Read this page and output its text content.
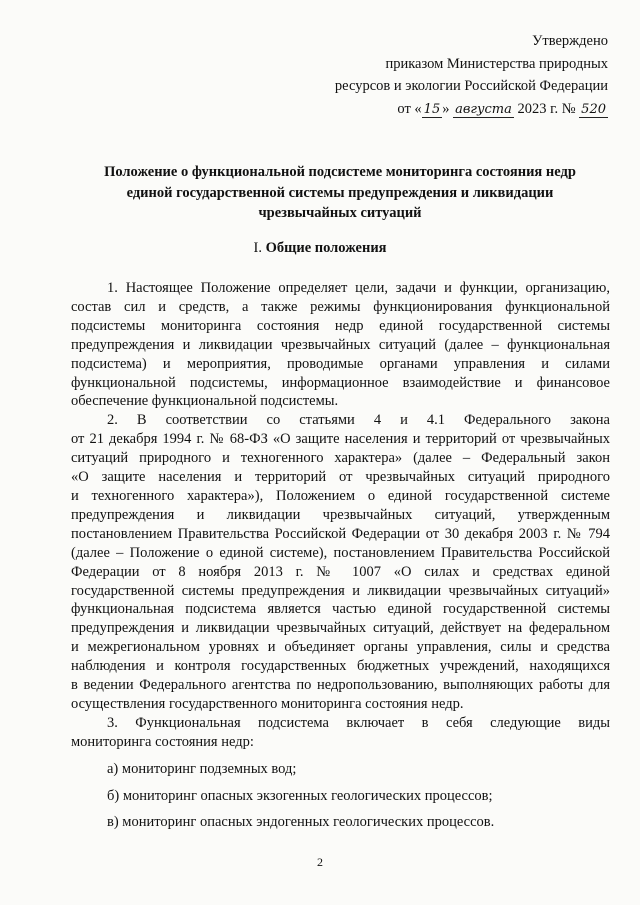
Утверждено
приказом Министерства природных
ресурсов и экологии Российской Федерации
от « 15 » августа 2023 г. № 520
Положение о функциональной подсистеме мониторинга состояния недр
единой государственной системы предупреждения и ликвидации
чрезвычайных ситуаций
I. Общие положения
1. Настоящее Положение определяет цели, задачи и функции, организацию,
состав сил и средств, а также режимы функционирования функциональной
подсистемы мониторинга состояния недр единой государственной системы
предупреждения и ликвидации чрезвычайных ситуаций (далее – функциональная
подсистема) и мероприятия, проводимые органами управления и силами
функциональной подсистемы, информационное взаимодействие и финансовое
обеспечение функциональной подсистемы.
2. В соответствии со статьями 4 и 4.1 Федерального закона
от 21 декабря 1994 г. № 68-ФЗ «О защите населения и территорий от чрезвычайных
ситуаций природного и техногенного характера» (далее – Федеральный закон
«О защите населения и территорий от чрезвычайных ситуаций природного
и техногенного характера»), Положением о единой государственной системе
предупреждения и ликвидации чрезвычайных ситуаций, утвержденным
постановлением Правительства Российской Федерации от 30 декабря 2003 г. № 794
(далее – Положение о единой системе), постановлением Правительства Российской
Федерации от 8 ноября 2013 г. № 1007 «О силах и средствах единой
государственной системы предупреждения и ликвидации чрезвычайных ситуаций»
функциональная подсистема является частью единой государственной системы
предупреждения и ликвидации чрезвычайных ситуаций, действует на федеральном
и межрегиональном уровнях и объединяет органы управления, силы и средства
наблюдения и контроля государственных бюджетных учреждений, находящихся
в ведении Федерального агентства по недропользованию, выполняющих работы для
осуществления государственного мониторинга состояния недр.
3. Функциональная подсистема включает в себя следующие виды
мониторинга состояния недр:
а) мониторинг подземных вод;
б) мониторинг опасных экзогенных геологических процессов;
в) мониторинг опасных эндогенных геологических процессов.
2
